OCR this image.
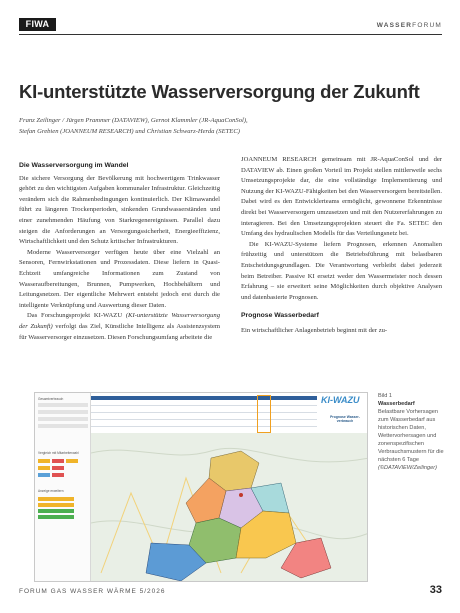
FIWA	WASSERFORUM
KI-unterstützte Wasserversorgung der Zukunft
Franz Zeilinger / Jürgen Prammer (DATAVIEW), Gernot Klammler (JR-AquaConSol),
Stefan Grebien (JOANNEUM RESEARCH) und Christian Schwarz-Herda (SETEC)
Die Wasserversorgung im Wandel

Die sichere Versorgung der Bevölkerung mit hochwertigem Trinkwasser gehört zu den wichtigsten Aufgaben kommunaler Infrastruktur. Gleichzeitig verändern sich die Rahmenbedingungen kontinuierlich. Der Klimawandel führt zu längeren Trockenperioden, sinkenden Grundwasserständen und einer zunehmenden Häufung von Starkregenereignissen. Parallel dazu steigen die Anforderungen an Versorgungssicherheit, Energieeffizienz, Wirtschaftlichkeit und den Schutz kritischer Infrastrukturen.

Moderne Wasserversorger verfügen heute über eine Vielzahl an Sensoren, Fernwirkstationen und Prozessdaten. Diese liefern in Quasi-Echtzeit umfangreiche Informationen zum Zustand von Wasseraufbereitungen, Brunnen, Pumpwerken, Hochbehältern und Leitungsnetzen. Der eigentliche Mehrwert entsteht jedoch erst durch die intelligente Verknüpfung und Auswertung dieser Daten.

Das Forschungsprojekt KI-WAZU (KI-unterstützte Wasserversorgung der Zukunft) verfolgt das Ziel, Künstliche Intelligenz als Assistenzsystem für Wasserversorger einzusetzen. Diesen Forschungsumfang arbeitete die

JOANNEUM RESEARCH gemeinsam mit JR-AquaConSol und der DATAVIEW ab. Einen großen Vorteil im Projekt stellen mittlerweile sechs Umsetzungsprojekte dar, die eine vollständige Implementierung und Nutzung der KI-WAZU-Fähigkeiten bei den Wasserversorgern bereitstellen. Dabei wird es den Entwicklerteams ermöglicht, gewonnene Erkenntnisse direkt bei Wasserversorgern umzusetzen und mit den Nutzererfahrungen zu interagieren. Bei den Umsetzungsprojekten steuert die Fa. SETEC den Umfang des hydraulischen Modells für das Verteilungsnetz bei.

Die KI-WAZU-Systeme liefern Prognosen, erkennen Anomalien frühzeitig und unterstützen die Betriebsführung mit belastbaren Entscheidungsgrundlagen. Die Verantwortung verbleibt dabei jederzeit beim Betreiber. Passive KI ersetzt weder den Wassermeister noch dessen Erfahrung – sie erweitert seine Möglichkeiten durch objektive Analysen und datenbasierte Prognosen.

Prognose Wasserbedarf

Ein wirtschaftlicher Anlagenbetrieb beginnt mit der zu-

Gesamtverbrauch
Vergleich mit Mitarbeiterwahl
Anzeige erweitern
KI-WAZU
Prognose Wasserverbrauch
Bild 1
Wasserbedarf
Belastbare Vorhersagen zum Wasserbedarf aus historischen Daten, Wettervorhersagen und zonenspezifischen Verbrauchsmustern für die nächsten 6 Tage
(©DATAVIEW/Zeilinger)
FORUM GAS WASSER WÄRME 5/2026	33
